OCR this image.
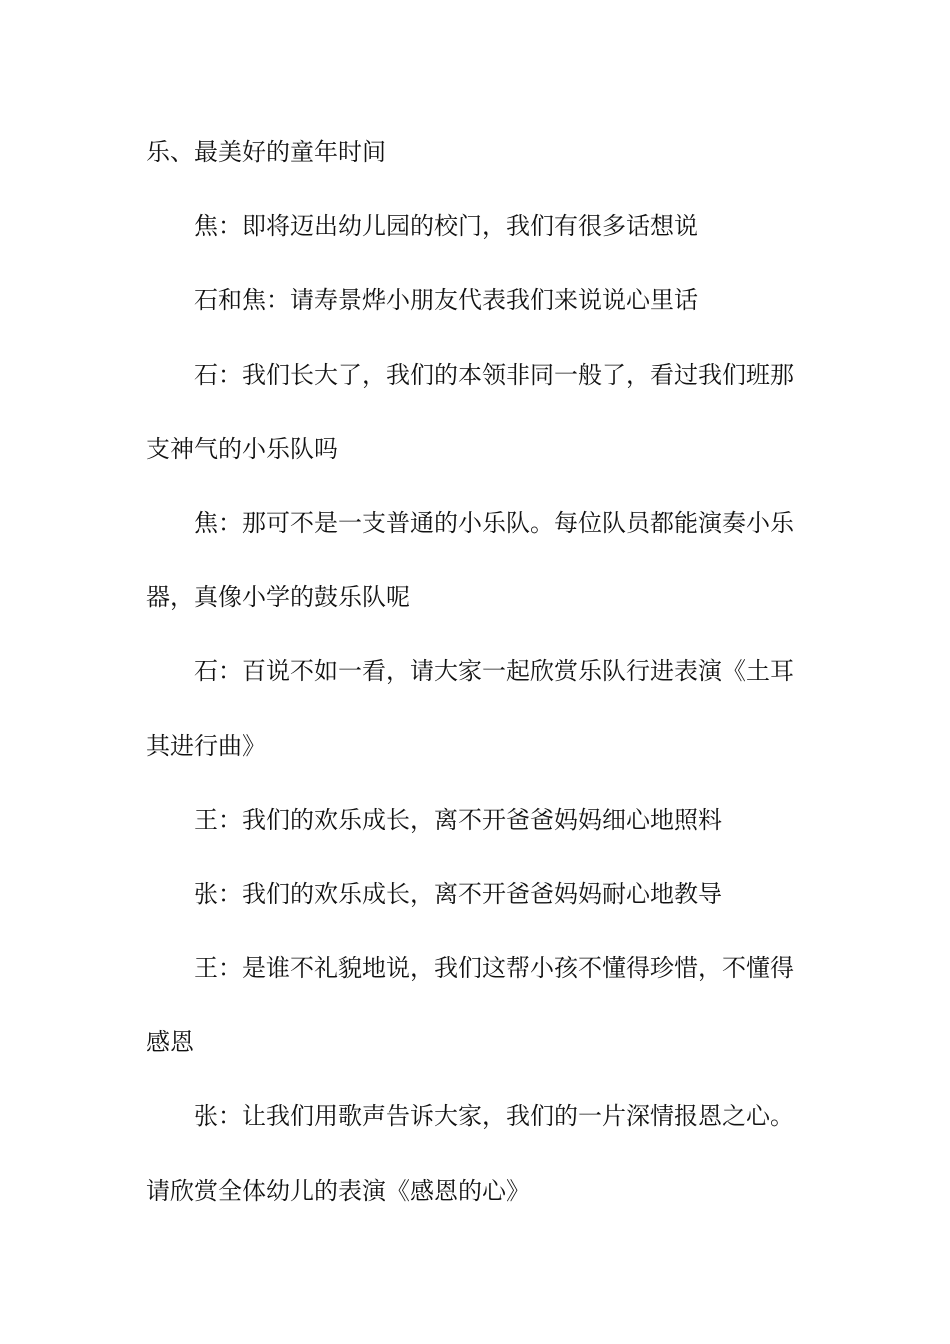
乐、最美好的童年时间
焦：即将迈出幼儿园的校门，我们有很多话想说
石和焦：请寿景烨小朋友代表我们来说说心里话
石：我们长大了，我们的本领非同一般了，看过我们班那
支神气的小乐队吗
焦：那可不是一支普通的小乐队。每位队员都能演奏小乐
器，真像小学的鼓乐队呢
石：百说不如一看，请大家一起欣赏乐队行进表演《土耳
其进行曲》
王：我们的欢乐成长，离不开爸爸妈妈细心地照料
张：我们的欢乐成长，离不开爸爸妈妈耐心地教导
王：是谁不礼貌地说，我们这帮小孩不懂得珍惜，不懂得
感恩
张：让我们用歌声告诉大家，我们的一片深情报恩之心。
请欣赏全体幼儿的表演《感恩的心》
